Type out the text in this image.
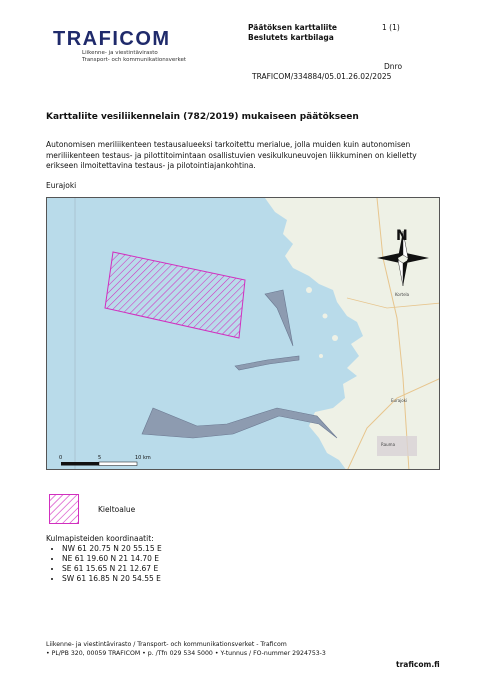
TRAFICOM
Liikenne- ja viestintävirasto
Transport- och kommunikationsverket
Päätöksen karttaliite
Beslutets kartbilaga
1 (1)
Dnro
TRAFICOM/334884/05.01.26.02/2025
Karttaliite vesiliikennelain (782/2019) mukaiseen päätökseen
Autonomisen meriliikenteen testausalueeksi tarkoitettu merialue, jolla muiden kuin autonomisen meriliikenteen testaus- ja pilottitoimintaan osallistuvien vesikulkuneuvojen liikkuminen on kielletty erikseen ilmoitettavina testaus- ja pilotointiajankohtina.
Eurajoki
Rauma
Eurajoki
Kortela
N
0	5	10 km
Kieltoalue
Kulmapisteiden koordinaatit:
• NW 61 20.75 N 20 55.15 E
• NE 61 19.60 N 21 14.70 E
• SE 61 15.65 N 21 12.67 E
• SW 61 16.85 N 20 54.55 E
Liikenne- ja viestintävirasto / Transport- och kommunikationsverket - Traficom
• PL/PB 320, 00059 TRAFICOM • p. /Tfn 029 534 5000 • Y-tunnus / FO-nummer 2924753-3
traficom.fi
